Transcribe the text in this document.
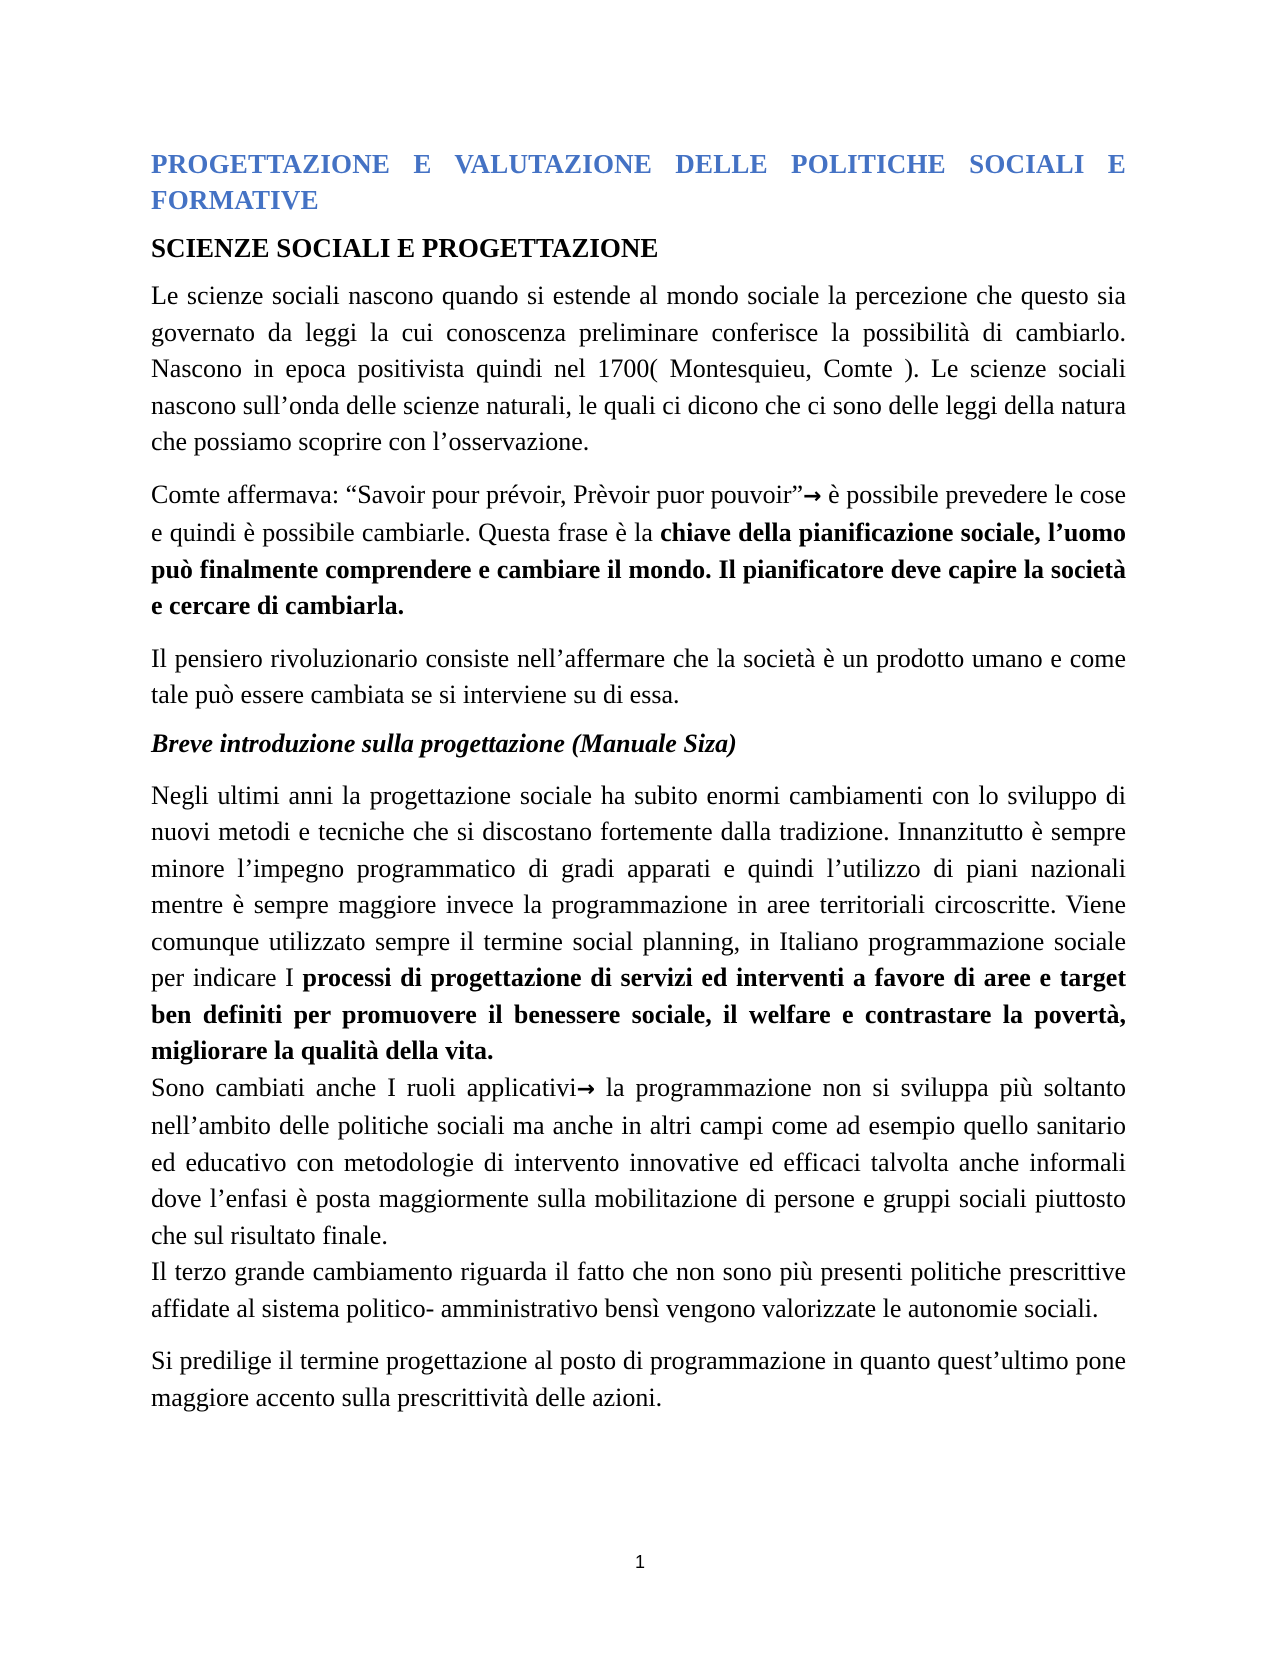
PROGETTAZIONE E VALUTAZIONE DELLE POLITICHE SOCIALI E FORMATIVE
SCIENZE SOCIALI E PROGETTAZIONE

Le scienze sociali nascono quando si estende al mondo sociale la percezione che questo sia governato da leggi la cui conoscenza preliminare conferisce la possibilità di cambiarlo. Nascono in epoca positivista quindi nel 1700( Montesquieu, Comte ). Le scienze sociali nascono sull’onda delle scienze naturali, le quali ci dicono che ci sono delle leggi della natura che possiamo scoprire con l’osservazione.

Comte affermava: “Savoir pour prévoir, Prèvoir puor pouvoir”→ è possibile prevedere le cose e quindi è possibile cambiarle. Questa frase è la chiave della pianificazione sociale, l’uomo può finalmente comprendere e cambiare il mondo. Il pianificatore deve capire la società e cercare di cambiarla.

Il pensiero rivoluzionario consiste nell’affermare che la società è un prodotto umano e come tale può essere cambiata se si interviene su di essa.

Breve introduzione sulla progettazione (Manuale Siza)

Negli ultimi anni la progettazione sociale ha subito enormi cambiamenti con lo sviluppo di nuovi metodi e tecniche che si discostano fortemente dalla tradizione. Innanzitutto è sempre minore l’impegno programmatico di gradi apparati e quindi l’utilizzo di piani nazionali mentre è sempre maggiore invece la programmazione in aree territoriali circoscritte. Viene comunque utilizzato sempre il termine social planning, in Italiano programmazione sociale per indicare I processi di progettazione di servizi ed interventi a favore di aree e target ben definiti per promuovere il benessere sociale, il welfare e contrastare la povertà, migliorare la qualità della vita.

Sono cambiati anche I ruoli applicativi→ la programmazione non si sviluppa più soltanto nell’ambito delle politiche sociali ma anche in altri campi come ad esempio quello sanitario ed educativo con metodologie di intervento innovative ed efficaci talvolta anche informali dove l’enfasi è posta maggiormente sulla mobilitazione di persone e gruppi sociali piuttosto che sul risultato finale.

Il terzo grande cambiamento riguarda il fatto che non sono più presenti politiche prescrittive affidate al sistema politico- amministrativo bensì vengono valorizzate le autonomie sociali.

Si predilige il termine progettazione al posto di programmazione in quanto quest’ultimo pone maggiore accento sulla prescrittività delle azioni.

1
